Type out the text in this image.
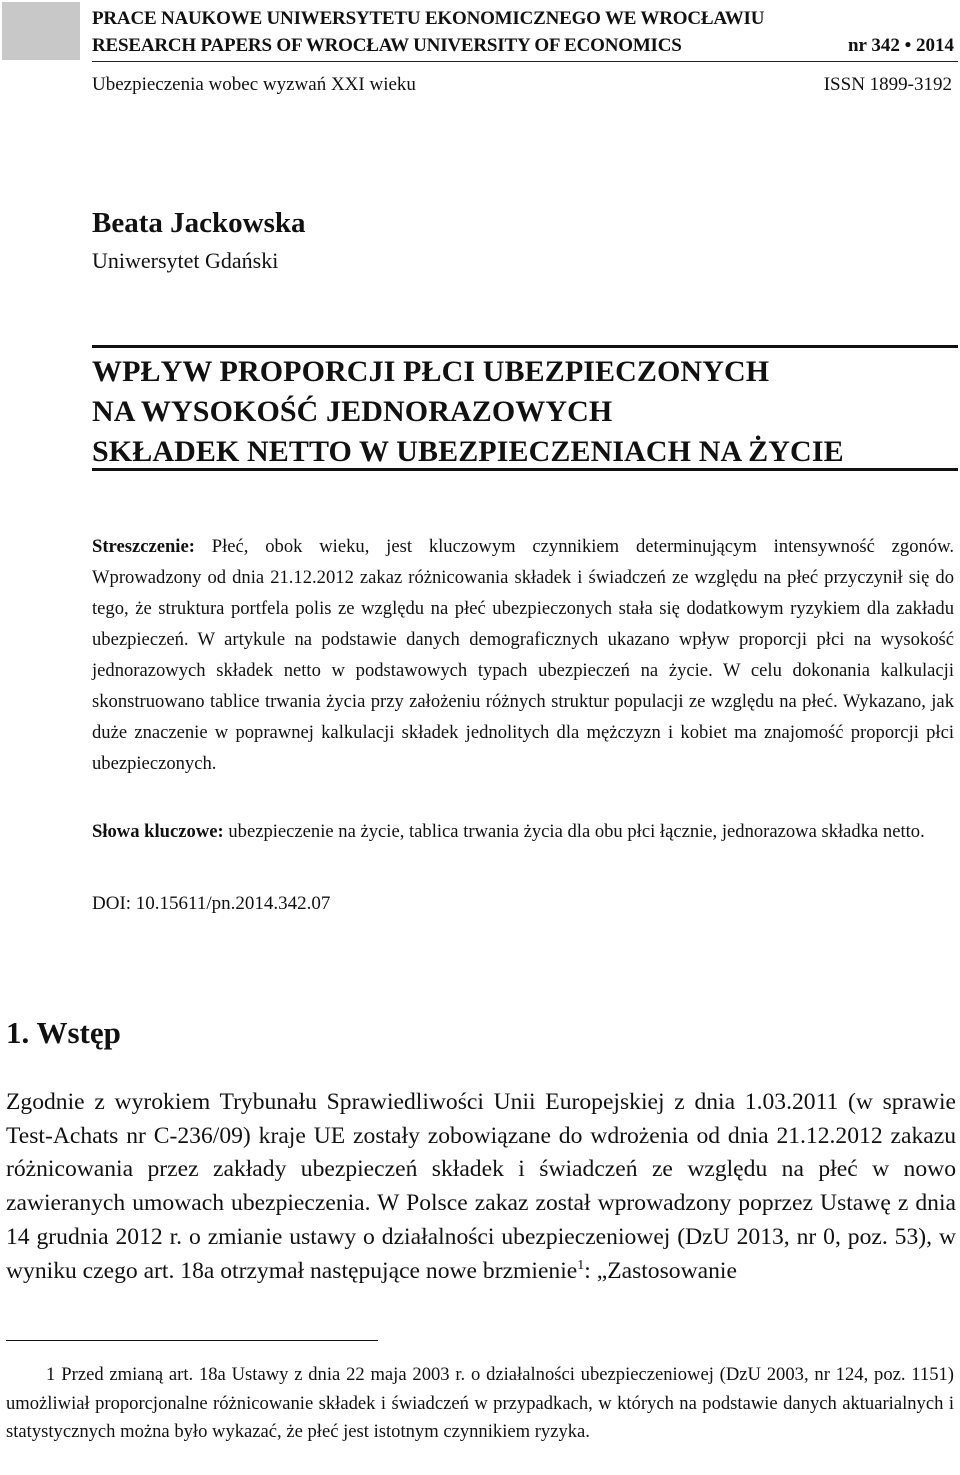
PRACE NAUKOWE UNIWERSYTETU EKONOMICZNEGO WE WROCŁAWIU
RESEARCH PAPERS OF WROCŁAW UNIVERSITY OF ECONOMICS	nr 342 • 2014
Ubezpieczenia wobec wyzwań XXI wieku	ISSN 1899-3192
Beata Jackowska
Uniwersytet Gdański
WPŁYW PROPORCJI PŁCI UBEZPIECZONYCH
NA WYSOKOŚĆ JEDNORAZOWYCH
SKŁADEK NETTO W UBEZPIECZENIACH NA ŻYCIE
Streszczenie: Płeć, obok wieku, jest kluczowym czynnikiem determinującym intensywność zgonów. Wprowadzony od dnia 21.12.2012 zakaz różnicowania składek i świadczeń ze względu na płeć przyczynił się do tego, że struktura portfela polis ze względu na płeć ubezpieczonych stała się dodatkowym ryzykiem dla zakładu ubezpieczeń. W artykule na podstawie danych demograficznych ukazano wpływ proporcji płci na wysokość jednorazowych składek netto w podstawowych typach ubezpieczeń na życie. W celu dokonania kalkulacji skonstruowano tablice trwania życia przy założeniu różnych struktur populacji ze względu na płeć. Wykazano, jak duże znaczenie w poprawnej kalkulacji składek jednolitych dla mężczyzn i kobiet ma znajomość proporcji płci ubezpieczonych.
Słowa kluczowe: ubezpieczenie na życie, tablica trwania życia dla obu płci łącznie, jednorazowa składka netto.
DOI: 10.15611/pn.2014.342.07
1. Wstęp
Zgodnie z wyrokiem Trybunału Sprawiedliwości Unii Europejskiej z dnia 1.03.2011 (w sprawie Test-Achats nr C-236/09) kraje UE zostały zobowiązane do wdrożenia od dnia 21.12.2012 zakazu różnicowania przez zakłady ubezpieczeń składek i świadczeń ze względu na płeć w nowo zawieranych umowach ubezpieczenia. W Polsce zakaz został wprowadzony poprzez Ustawę z dnia 14 grudnia 2012 r. o zmianie ustawy o działalności ubezpieczeniowej (DzU 2013, nr 0, poz. 53), w wyniku czego art. 18a otrzymał następujące nowe brzmienie$^1$: „Zastosowanie
1 Przed zmianą art. 18a Ustawy z dnia 22 maja 2003 r. o działalności ubezpieczeniowej (DzU 2003, nr 124, poz. 1151) umożliwiał proporcjonalne różnicowanie składek i świadczeń w przypadkach, w których na podstawie danych aktuarialnych i statystycznych można było wykazać, że płeć jest istotnym czynnikiem ryzyka.
